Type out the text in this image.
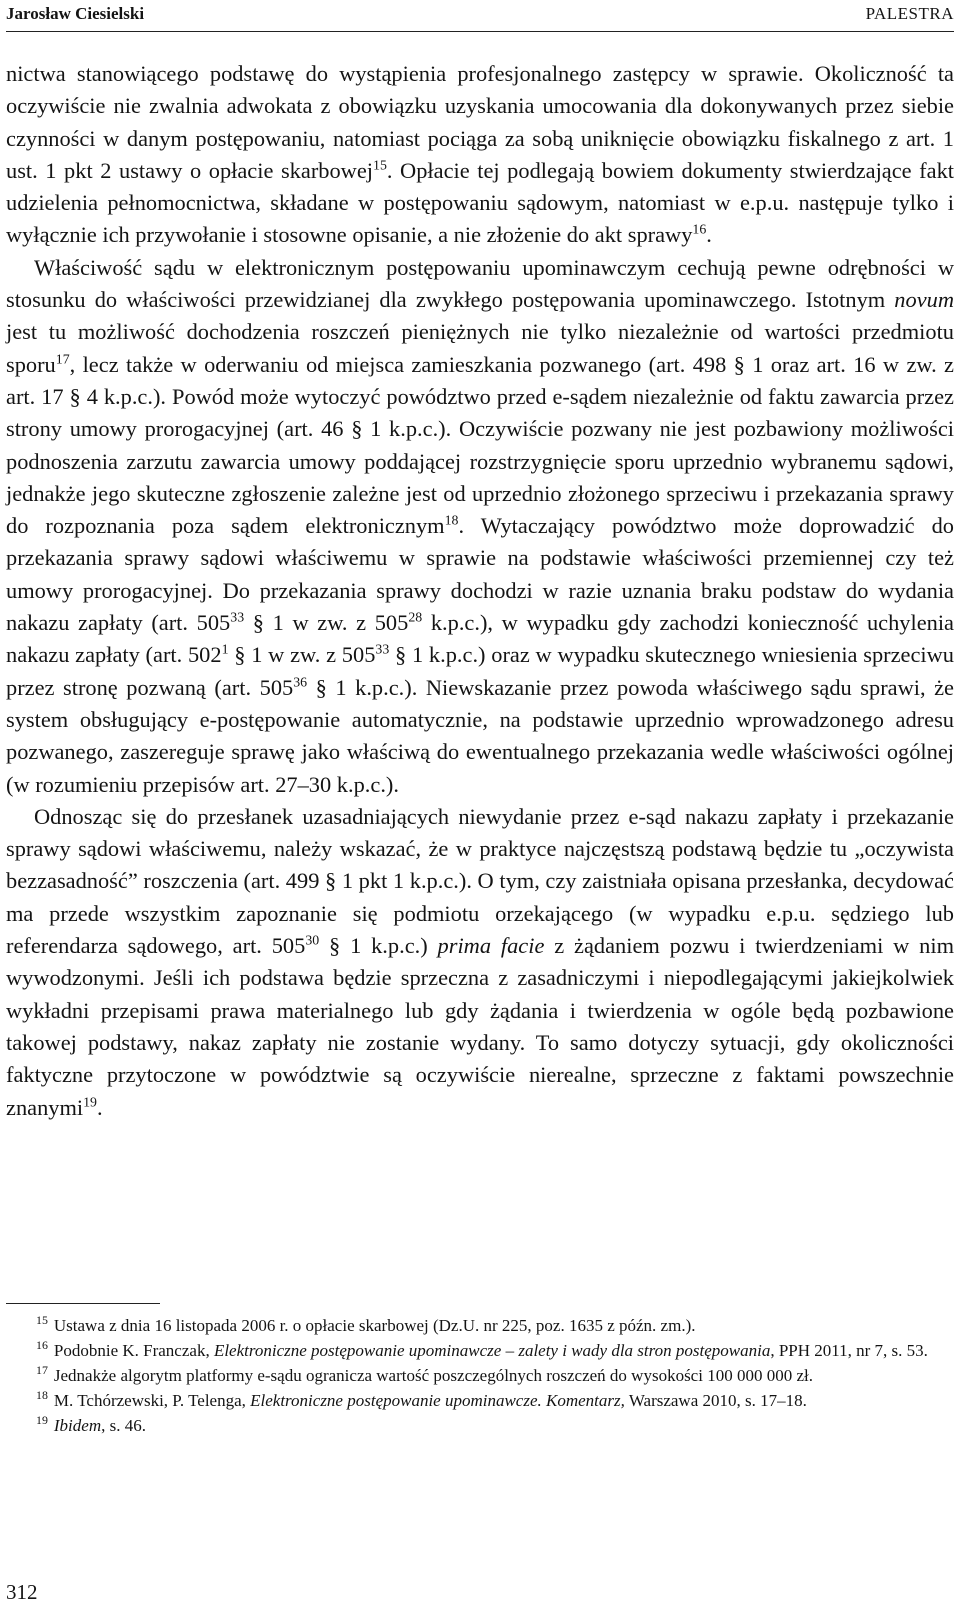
Jarosław Ciesielski	PALESTRA

nictwa stanowiącego podstawę do wystąpienia profesjonalnego zastępcy w sprawie. Okoliczność ta oczywiście nie zwalnia adwokata z obowiązku uzyskania umocowania dla dokonywanych przez siebie czynności w danym postępowaniu, natomiast pociąga za sobą uniknięcie obowiązku fiskalnego z art. 1 ust. 1 pkt 2 ustawy o opłacie skarbowej$^{15}$. Opłacie tej podlegają bowiem dokumenty stwierdzające fakt udzielenia pełnomocnictwa, składane w postępowaniu sądowym, natomiast w e.p.u. następuje tylko i wyłącznie ich przywołanie i stosowne opisanie, a nie złożenie do akt sprawy$^{16}$.

Właściwość sądu w elektronicznym postępowaniu upominawczym cechują pewne odrębności w stosunku do właściwości przewidzianej dla zwykłego postępowania upominawczego. Istotnym novum jest tu możliwość dochodzenia roszczeń pieniężnych nie tylko niezależnie od wartości przedmiotu sporu$^{17}$, lecz także w oderwaniu od miejsca zamieszkania pozwanego (art. 498 § 1 oraz art. 16 w zw. z art. 17 § 4 k.p.c.). Powód może wytoczyć powództwo przed e-sądem niezależnie od faktu zawarcia przez strony umowy prorogacyjnej (art. 46 § 1 k.p.c.). Oczywiście pozwany nie jest pozbawiony możliwości podnoszenia zarzutu zawarcia umowy poddającej rozstrzygnięcie sporu uprzednio wybranemu sądowi, jednakże jego skuteczne zgłoszenie zależne jest od uprzednio złożonego sprzeciwu i przekazania sprawy do rozpoznania poza sądem elektronicznym$^{18}$. Wytaczający powództwo może doprowadzić do przekazania sprawy sądowi właściwemu w sprawie na podstawie właściwości przemiennej czy też umowy prorogacyjnej. Do przekazania sprawy dochodzi w razie uznania braku podstaw do wydania nakazu zapłaty (art. $505^{33}$ § 1 w zw. z $505^{28}$ k.p.c.), w wypadku gdy zachodzi konieczność uchylenia nakazu zapłaty (art. $502^1$ § 1 w zw. z $505^{33}$ § 1 k.p.c.) oraz w wypadku skutecznego wniesienia sprzeciwu przez stronę pozwaną (art. $505^{36}$ § 1 k.p.c.). Niewskazanie przez powoda właściwego sądu sprawi, że system obsługujący e-postępowanie automatycznie, na podstawie uprzednio wprowadzonego adresu pozwanego, zaszereguje sprawę jako właściwą do ewentualnego przekazania wedle właściwości ogólnej (w rozumieniu przepisów art. 27–30 k.p.c.).

Odnosząc się do przesłanek uzasadniających niewydanie przez e-sąd nakazu zapłaty i przekazanie sprawy sądowi właściwemu, należy wskazać, że w praktyce najczęstszą podstawą będzie tu „oczywista bezzasadność” roszczenia (art. 499 § 1 pkt 1 k.p.c.). O tym, czy zaistniała opisana przesłanka, decydować ma przede wszystkim zapoznanie się podmiotu orzekającego (w wypadku e.p.u. sędziego lub referendarza sądowego, art. $505^{30}$ § 1 k.p.c.) prima facie z żądaniem pozwu i twierdzeniami w nim wywodzonymi. Jeśli ich podstawa będzie sprzeczna z zasadniczymi i niepodlegającymi jakiejkolwiek wykładni przepisami prawa materialnego lub gdy żądania i twierdzenia w ogóle będą pozbawione takowej podstawy, nakaz zapłaty nie zostanie wydany. To samo dotyczy sytuacji, gdy okoliczności faktyczne przytoczone w powództwie są oczywiście nierealne, sprzeczne z faktami powszechnie znanymi$^{19}$.

$^{15}$ Ustawa z dnia 16 listopada 2006 r. o opłacie skarbowej (Dz.U. nr 225, poz. 1635 z późn. zm.).

$^{16}$ Podobnie K. Franczak, Elektroniczne postępowanie upominawcze – zalety i wady dla stron postępowania, PPH 2011, nr 7, s. 53.

$^{17}$ Jednakże algorytm platformy e-sądu ogranicza wartość poszczególnych roszczeń do wysokości 100 000 000 zł.

$^{18}$ M. Tchórzewski, P. Telenga, Elektroniczne postępowanie upominawcze. Komentarz, Warszawa 2010, s. 17–18.

$^{19}$ Ibidem, s. 46.

312
